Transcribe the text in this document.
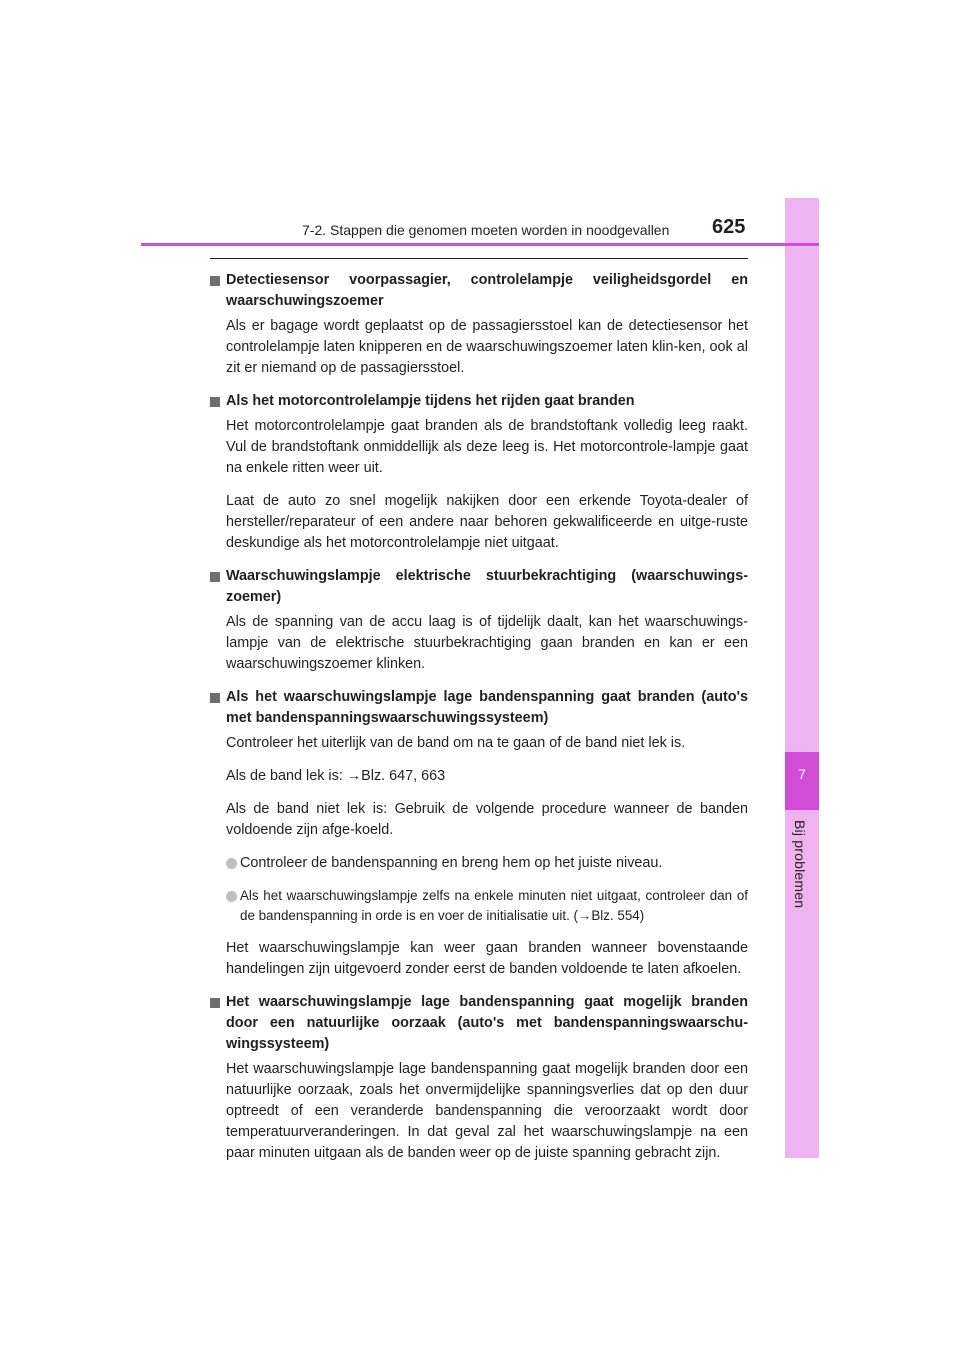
7
Bij problemen
7-2. Stappen die genomen moeten worden in noodgevallen 625
Detectiesensor voorpassagier, controlelampje veiligheidsgordel en waarschuwingszoemer
Als er bagage wordt geplaatst op de passagiersstoel kan de detectiesensor het controlelampje laten knipperen en de waarschuwingszoemer laten klin-ken, ook al zit er niemand op de passagiersstoel.
Als het motorcontrolelampje tijdens het rijden gaat branden
Het motorcontrolelampje gaat branden als de brandstoftank volledig leeg raakt. Vul de brandstoftank onmiddellijk als deze leeg is. Het motorcontrole-lampje gaat na enkele ritten weer uit.
Laat de auto zo snel mogelijk nakijken door een erkende Toyota-dealer of hersteller/reparateur of een andere naar behoren gekwalificeerde en uitge-ruste deskundige als het motorcontrolelampje niet uitgaat.
Waarschuwingslampje elektrische stuurbekrachtiging (waarschuwings-zoemer)
Als de spanning van de accu laag is of tijdelijk daalt, kan het waarschuwings-lampje van de elektrische stuurbekrachtiging gaan branden en kan er een waarschuwingszoemer klinken.
Als het waarschuwingslampje lage bandenspanning gaat branden (auto's met bandenspanningswaarschuwingssysteem)
Controleer het uiterlijk van de band om na te gaan of de band niet lek is.
Als de band lek is: →Blz. 647, 663
Als de band niet lek is: Gebruik de volgende procedure wanneer de banden voldoende zijn afge-koeld.
Controleer de bandenspanning en breng hem op het juiste niveau.
Als het waarschuwingslampje zelfs na enkele minuten niet uitgaat, controleer dan of de bandenspanning in orde is en voer de initialisatie uit. (→Blz. 554)
Het waarschuwingslampje kan weer gaan branden wanneer bovenstaande handelingen zijn uitgevoerd zonder eerst de banden voldoende te laten afkoelen.
Het waarschuwingslampje lage bandenspanning gaat mogelijk branden door een natuurlijke oorzaak (auto's met bandenspanningswaarschu-wingssysteem)
Het waarschuwingslampje lage bandenspanning gaat mogelijk branden door een natuurlijke oorzaak, zoals het onvermijdelijke spanningsverlies dat op den duur optreedt of een veranderde bandenspanning die veroorzaakt wordt door temperatuurveranderingen. In dat geval zal het waarschuwingslampje na een paar minuten uitgaan als de banden weer op de juiste spanning gebracht zijn.
